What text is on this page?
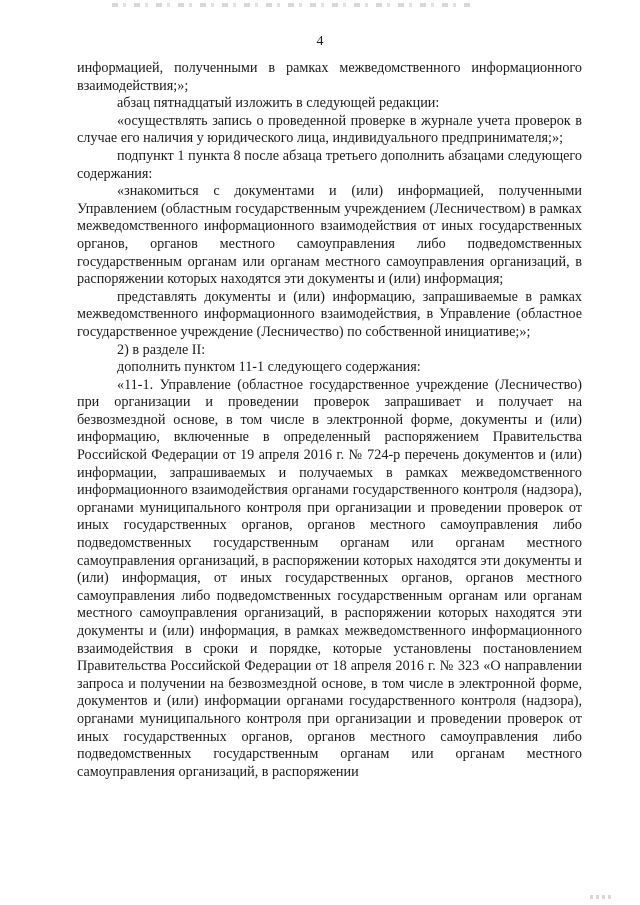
4

информацией, полученными в рамках межведомственного информационного взаимодействия;»;

абзац пятнадцатый изложить в следующей редакции:

«осуществлять запись о проведенной проверке в журнале учета проверок в случае его наличия у юридического лица, индивидуального предпринимателя;»;

подпункт 1 пункта 8 после абзаца третьего дополнить абзацами следующего содержания:

«знакомиться с документами и (или) информацией, полученными Управлением (областным государственным учреждением (Лесничеством) в рамках межведомственного информационного взаимодействия от иных государственных органов, органов местного самоуправления либо подведомственных государственным органам или органам местного самоуправления организаций, в распоряжении которых находятся эти документы и (или) информация;

представлять документы и (или) информацию, запрашиваемые в рамках межведомственного информационного взаимодействия, в Управление (областное государственное учреждение (Лесничество) по собственной инициативе;»;

2) в разделе II:

дополнить пунктом 11-1 следующего содержания:

«11-1. Управление (областное государственное учреждение (Лесничество) при организации и проведении проверок запрашивает и получает на безвозмездной основе, в том числе в электронной форме, документы и (или) информацию, включенные в определенный распоряжением Правительства Российской Федерации от 19 апреля 2016 г. № 724-р перечень документов и (или) информации, запрашиваемых и получаемых в рамках межведомственного информационного взаимодействия органами государственного контроля (надзора), органами муниципального контроля при организации и проведении проверок от иных государственных органов, органов местного самоуправления либо подведомственных государственным органам или органам местного самоуправления организаций, в распоряжении которых находятся эти документы и (или) информация, от иных государственных органов, органов местного самоуправления либо подведомственных государственным органам или органам местного самоуправления организаций, в распоряжении которых находятся эти документы и (или) информация, в рамках межведомственного информационного взаимодействия в сроки и порядке, которые установлены постановлением Правительства Российской Федерации от 18 апреля 2016 г. № 323 «О направлении запроса и получении на безвозмездной основе, в том числе в электронной форме, документов и (или) информации органами государственного контроля (надзора), органами муниципального контроля при организации и проведении проверок от иных государственных органов, органов местного самоуправления либо подведомственных государственным органам или органам местного самоуправления организаций, в распоряжении
